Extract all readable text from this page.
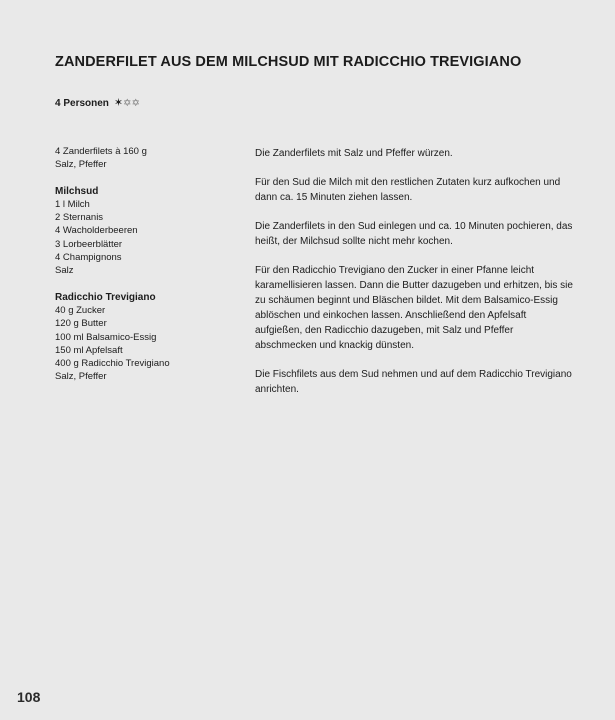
ZANDERFILET AUS DEM MILCHSUD MIT RADICCHIO TREVIGIANO
4 Personen ✶ ✡ ✡
4 Zanderfilets à 160 g
Salz, Pfeffer
Milchsud
1 l Milch
2 Sternanis
4 Wacholderbeeren
3 Lorbeerblätter
4 Champignons
Salz
Radicchio Trevigiano
40 g Zucker
120 g Butter
100 ml Balsamico-Essig
150 ml Apfelsaft
400 g Radicchio Trevigiano
Salz, Pfeffer

Die Zanderfilets mit Salz und Pfeffer würzen.

Für den Sud die Milch mit den restlichen Zutaten kurz aufkochen und dann ca. 15 Minuten ziehen lassen.

Die Zanderfilets in den Sud einlegen und ca. 10 Minuten pochieren, das heißt, der Milchsud sollte nicht mehr kochen.

Für den Radicchio Trevigiano den Zucker in einer Pfanne leicht karamellisieren lassen. Dann die Butter dazugeben und erhitzen, bis sie zu schäumen beginnt und Bläschen bildet. Mit dem Balsamico-Essig ablöschen und einkochen lassen. Anschließend den Apfelsaft aufgießen, den Radicchio dazugeben, mit Salz und Pfeffer abschmecken und knackig dünsten.

Die Fischfilets aus dem Sud nehmen und auf dem Radicchio Trevigiano anrichten.

108
